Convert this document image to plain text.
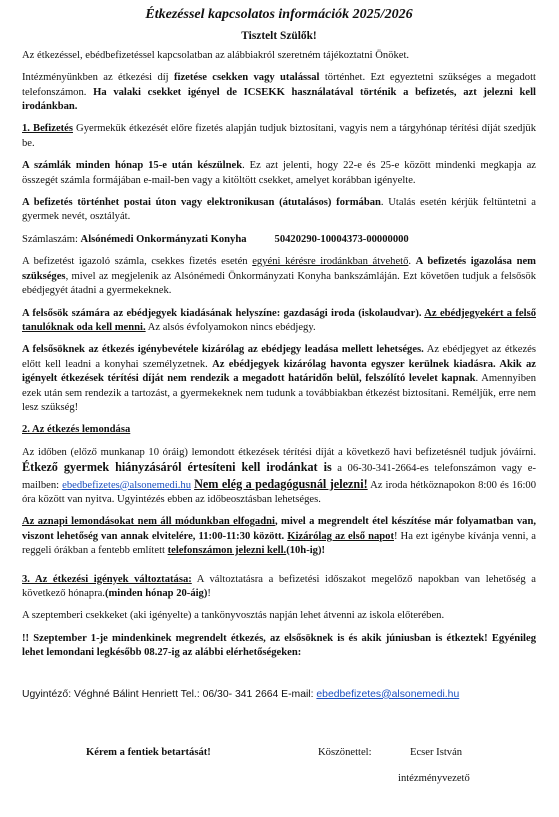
Étkezéssel kapcsolatos információk 2025/2026

Tisztelt Szülők!

Az étkezéssel, ebédbefizetéssel kapcsolatban az alábbiakról szeretném tájékoztatni Önöket.

Intézményünkben az étkezési díj fizetése csekken vagy utalással történhet. Ezt egyeztetni szükséges a megadott telefonszámon. Ha valaki csekket igényel de ICSEKK használatával történik a befizetés, azt jelezni kell irodánkban.

1. Befizetés Gyermekük étkezését előre fizetés alapján tudjuk biztosítani, vagyis nem a tárgyhónap térítési díját szedjük be.

A számlák minden hónap 15-e után készülnek. Ez azt jelenti, hogy 22-e és 25-e között mindenki megkapja az összegét számla formájában e-mail-ben vagy a kitöltött csekket, amelyet korábban igényelte.

A befizetés történhet postai úton vagy elektronikusan (átutalásos) formában. Utalás esetén kérjük feltüntetni a gyermek nevét, osztályát.

Számlaszám: Alsónémedi Onkormányzati Konyha	50420290-10004373-00000000

A befizetést igazoló számla, csekkes fizetés esetén egyéni kérésre irodánkban átvehető. A befizetés igazolása nem szükséges, mivel az megjelenik az Alsónémedi Önkormányzati Konyha bankszámláján. Ezt követően tudjuk a felsősök ebédjegyét átadni a gyermekeknek.

A felsősök számára az ebédjegyek kiadásának helyszíne: gazdasági iroda (iskolaudvar). Az ebédjegyekért a felső tanulóknak oda kell menni. Az alsós évfolyamokon nincs ebédjegy.

A felsősöknek az étkezés igénybevétele kizárólag az ebédjegy leadása mellett lehetséges. Az ebédjegyet az étkezés előtt kell leadni a konyhai személyzetnek. Az ebédjegyek kizárólag havonta egyszer kerülnek kiadásra. Akik az igényelt étkezések térítési díját nem rendezik a megadott határidőn belül, felszólító levelet kapnak. Amennyiben ezek után sem rendezik a tartozást, a gyermekeknek nem tudunk a továbbiakban étkezést biztosítani. Reméljük, erre nem lesz szükség!

2. Az étkezés lemondása

Az időben (előző munkanap 10 óráig) lemondott étkezések térítési díját a következő havi befizetésnél tudjuk jóváírni. Étkező gyermek hiányzásáról értesíteni kell irodánkat is a 06-30-341-2664-es telefonszámon vagy e-mailben: ebedbefizetes@alsonemedi.hu Nem elég a pedagógusnál jelezni! Az iroda hétköznapokon 8:00 és 16:00 óra között van nyitva. Ugyintézés ebben az időbeosztásban lehetséges.

Az aznapi lemondásokat nem áll módunkban elfogadni, mivel a megrendelt étel készítése már folyamatban van, viszont lehetőség van annak elvitelére, 11:00-11:30 között. Kizárólag az első napot! Ha ezt igénybe kívánja venni, a reggeli órákban a fentebb említett telefonszámon jelezni kell.(10h-ig)!

3. Az étkezési igények változtatása: A változtatásra a befizetési időszakot megelőző napokban van lehetőség a következő hónapra.(minden hónap 20-áig)!

A szeptemberi csekkeket (aki igényelte) a tankönyvosztás napján lehet átvenni az iskola előterében.

!! Szeptember 1-je mindenkinek megrendelt étkezés, az elsősöknek is és akik júniusban is étkeztek! Egyénileg lehet lemondani legkésőbb 08.27-ig az alábbi elérhetőségeken:

Ugyintéző: Véghné Bálint Henriett Tel.: 06/30- 341 2664 E-mail: ebedbefizetes@alsonemedi.hu

Kérem a fentiek betartását!	Köszönettel:	Ecser István
intézményvezető
